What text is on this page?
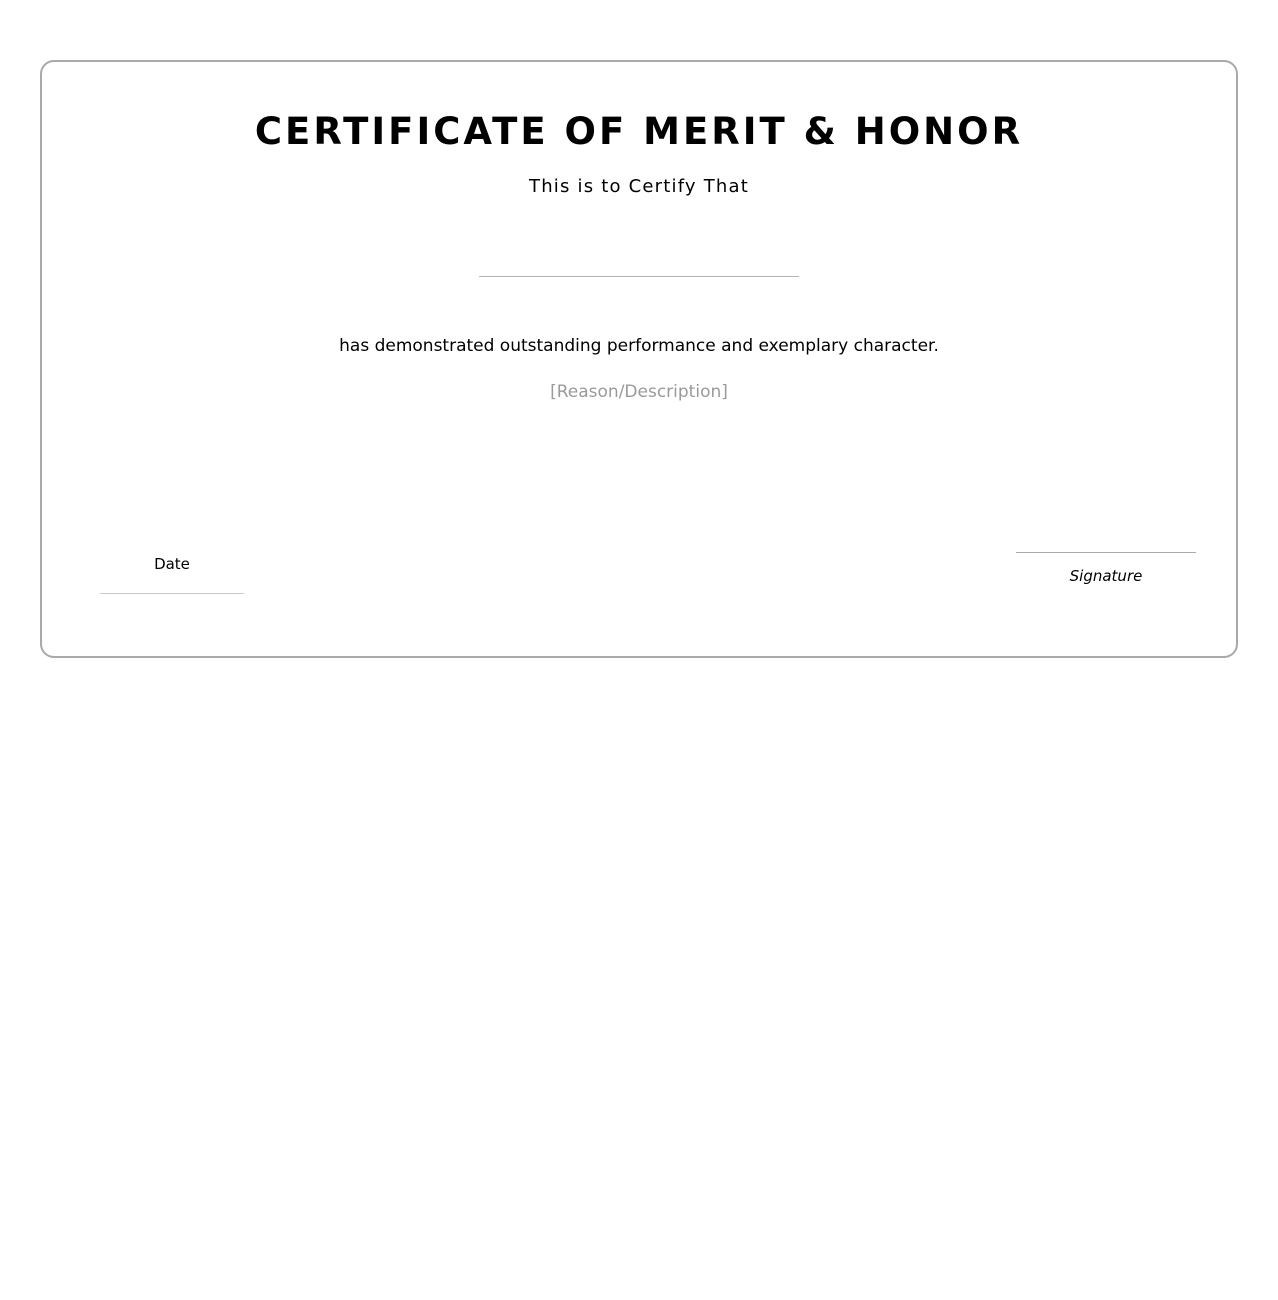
CERTIFICATE OF MERIT & HONOR
This is to Certify That
has demonstrated outstanding performance and exemplary character.
[Reason/Description]
Date
Signature
